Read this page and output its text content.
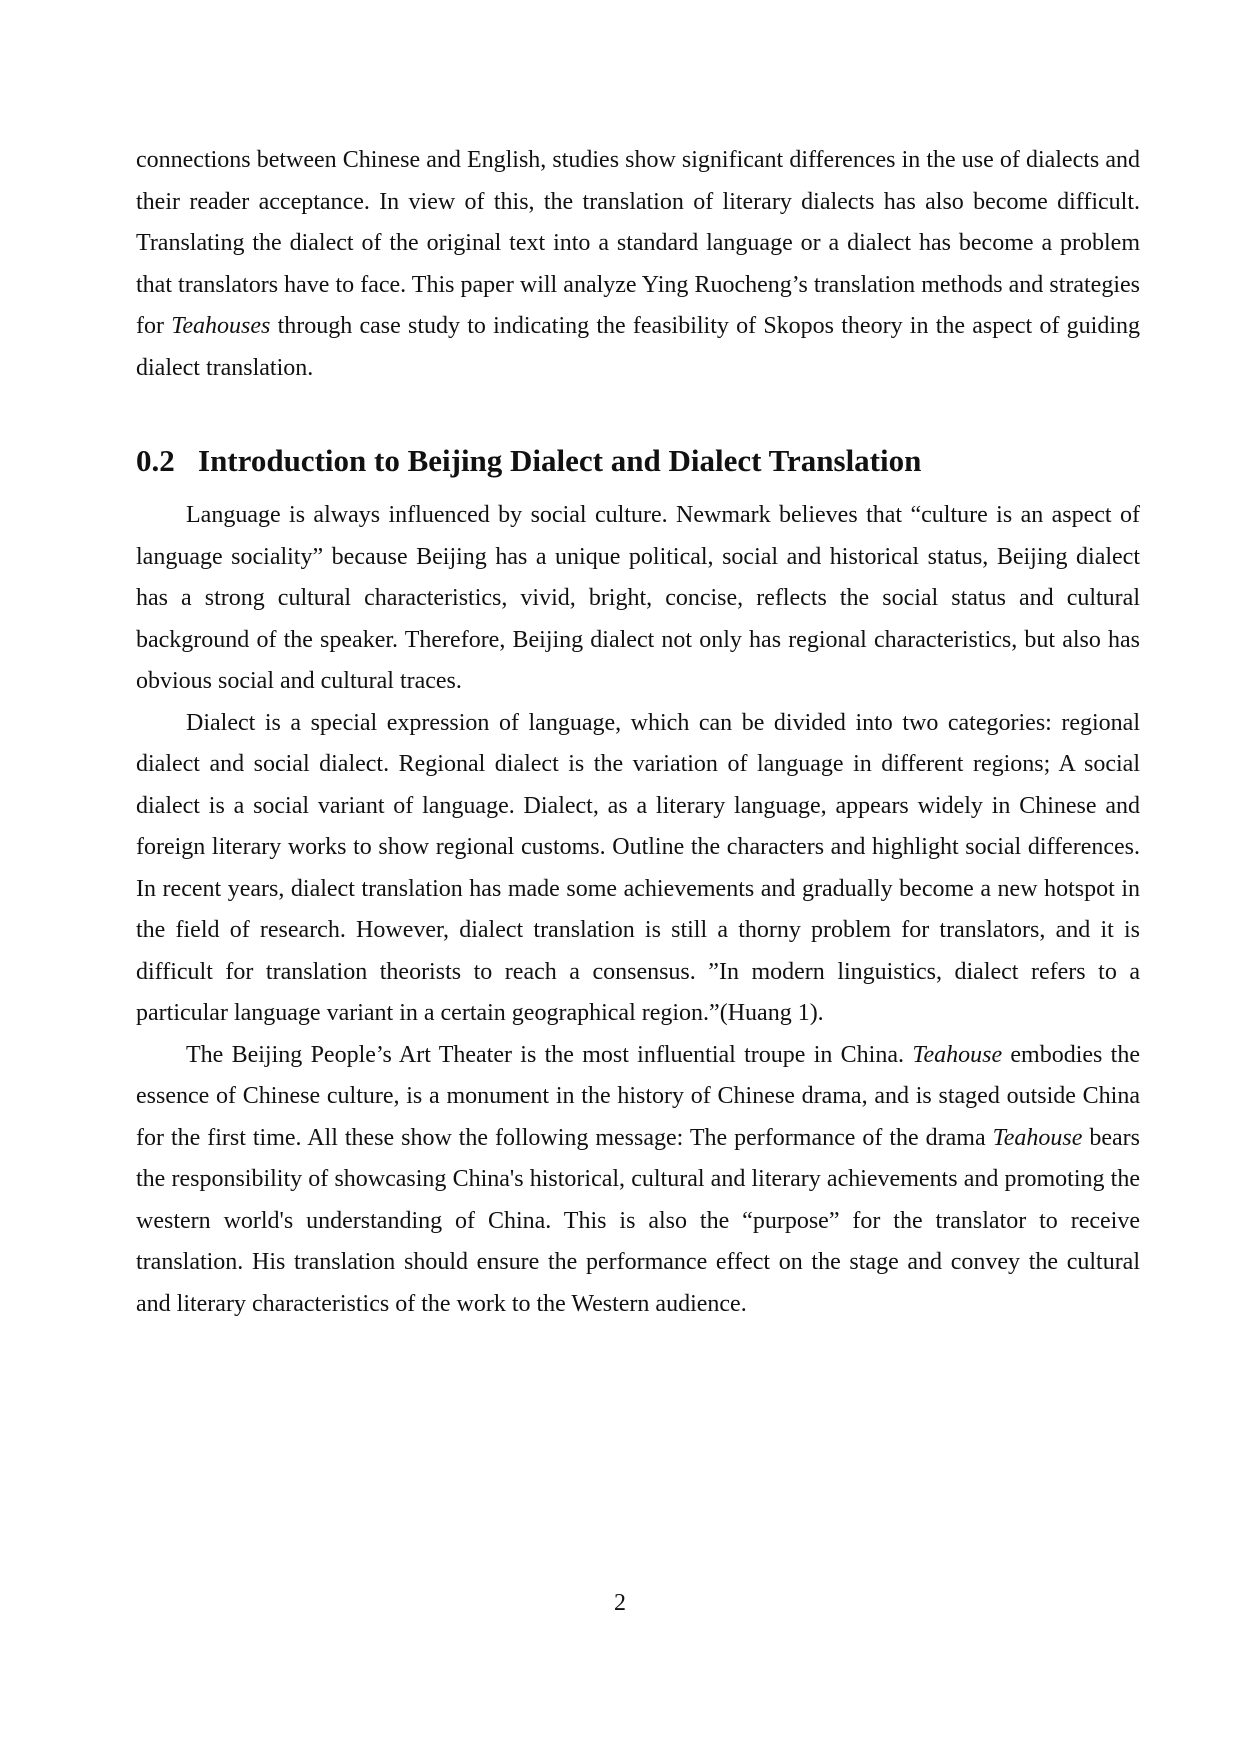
connections between Chinese and English, studies show significant differences in the use of dialects and their reader acceptance. In view of this, the translation of literary dialects has also become difficult. Translating the dialect of the original text into a standard language or a dialect has become a problem that translators have to face. This paper will analyze Ying Ruocheng’s translation methods and strategies for Teahouses through case study to indicating the feasibility of Skopos theory in the aspect of guiding dialect translation.

0.2 Introduction to Beijing Dialect and Dialect Translation

Language is always influenced by social culture. Newmark believes that “culture is an aspect of language sociality” because Beijing has a unique political, social and historical status, Beijing dialect has a strong cultural characteristics, vivid, bright, concise, reflects the social status and cultural background of the speaker. Therefore, Beijing dialect not only has regional characteristics, but also has obvious social and cultural traces.

Dialect is a special expression of language, which can be divided into two categories: regional dialect and social dialect. Regional dialect is the variation of language in different regions; A social dialect is a social variant of language. Dialect, as a literary language, appears widely in Chinese and foreign literary works to show regional customs. Outline the characters and highlight social differences. In recent years, dialect translation has made some achievements and gradually become a new hotspot in the field of research. However, dialect translation is still a thorny problem for translators, and it is difficult for translation theorists to reach a consensus. ”In modern linguistics, dialect refers to a particular language variant in a certain geographical region.”(Huang 1).

The Beijing People’s Art Theater is the most influential troupe in China. Teahouse embodies the essence of Chinese culture, is a monument in the history of Chinese drama, and is staged outside China for the first time. All these show the following message: The performance of the drama Teahouse bears the responsibility of showcasing China's historical, cultural and literary achievements and promoting the western world's understanding of China. This is also the “purpose” for the translator to receive translation. His translation should ensure the performance effect on the stage and convey the cultural and literary characteristics of the work to the Western audience.

2
